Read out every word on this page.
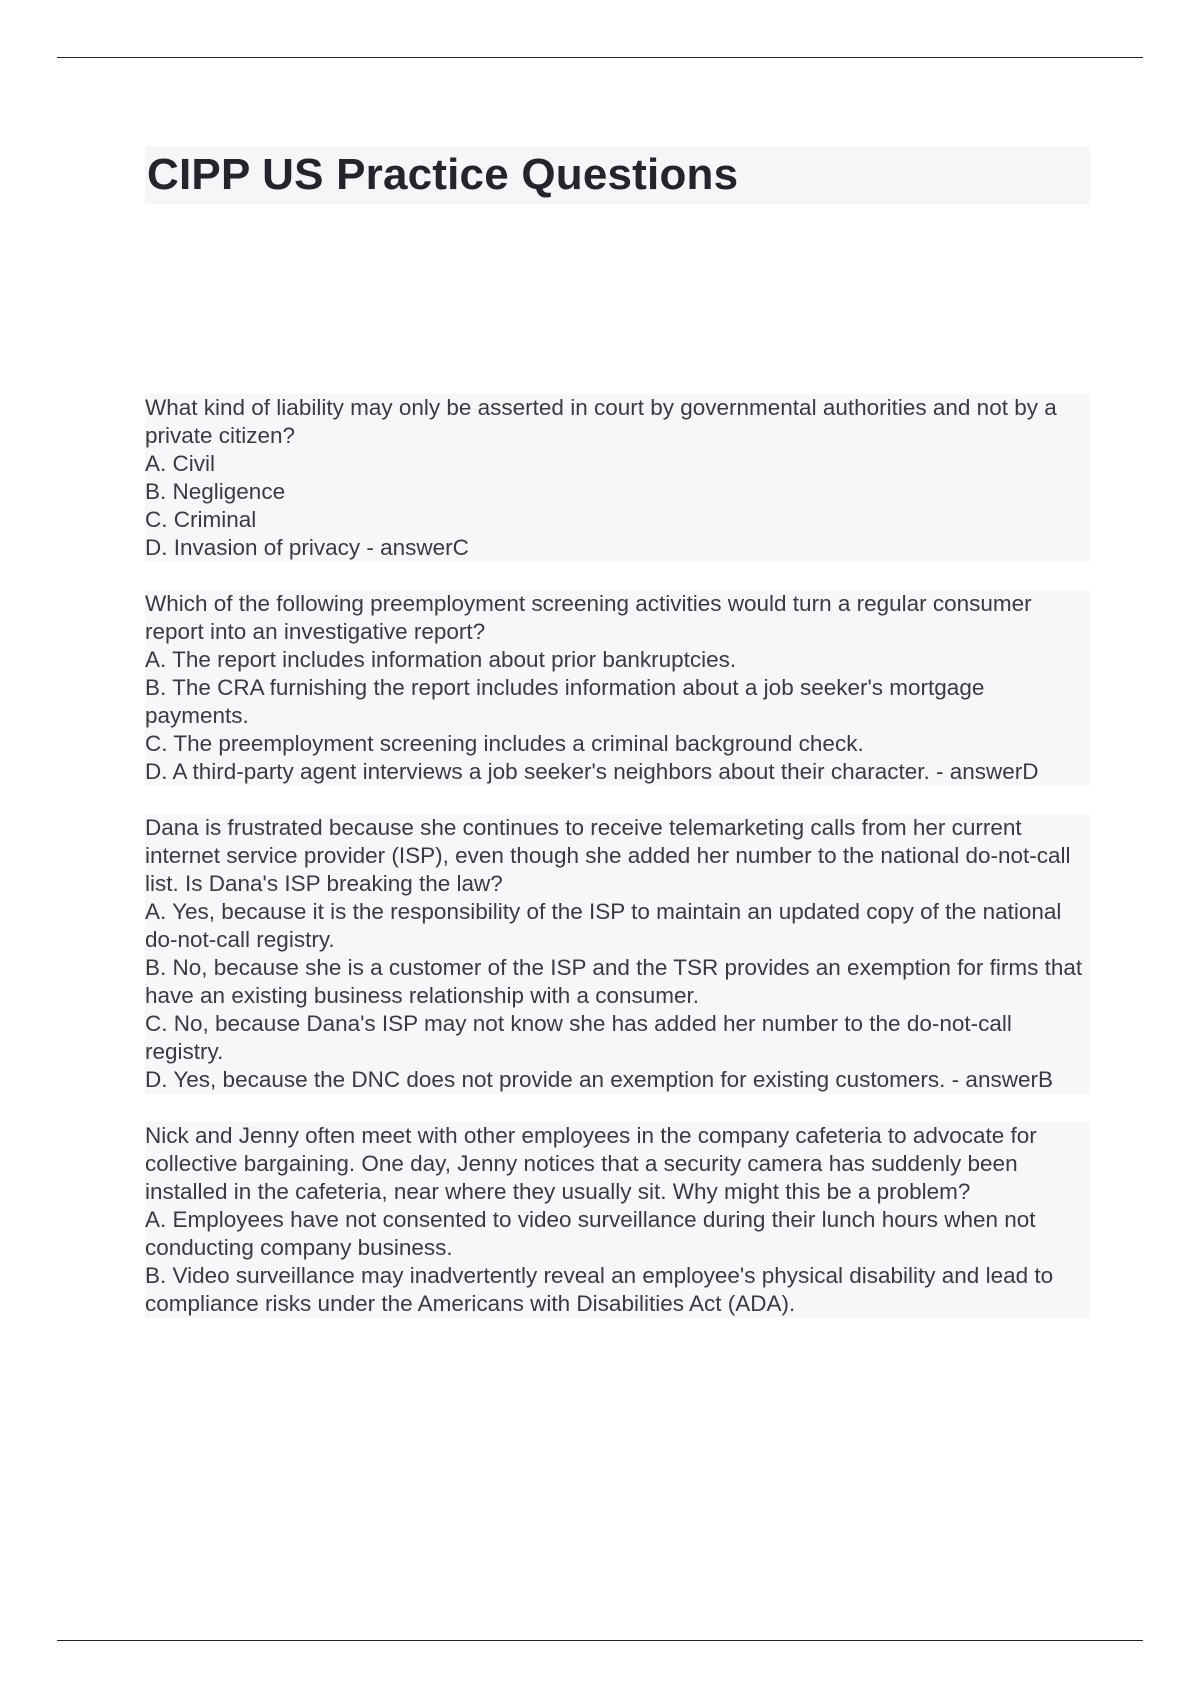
CIPP US Practice Questions
What kind of liability may only be asserted in court by governmental authorities and not by a private citizen?
A. Civil
B. Negligence
C. Criminal
D. Invasion of privacy - answerC
Which of the following preemployment screening activities would turn a regular consumer report into an investigative report?
A. The report includes information about prior bankruptcies.
B. The CRA furnishing the report includes information about a job seeker's mortgage payments.
C. The preemployment screening includes a criminal background check.
D. A third-party agent interviews a job seeker's neighbors about their character. - answerD
Dana is frustrated because she continues to receive telemarketing calls from her current internet service provider (ISP), even though she added her number to the national do-not-call list. Is Dana's ISP breaking the law?
A. Yes, because it is the responsibility of the ISP to maintain an updated copy of the national do-not-call registry.
B. No, because she is a customer of the ISP and the TSR provides an exemption for firms that have an existing business relationship with a consumer.
C. No, because Dana's ISP may not know she has added her number to the do-not-call registry.
D. Yes, because the DNC does not provide an exemption for existing customers. - answerB
Nick and Jenny often meet with other employees in the company cafeteria to advocate for collective bargaining. One day, Jenny notices that a security camera has suddenly been installed in the cafeteria, near where they usually sit. Why might this be a problem?
A. Employees have not consented to video surveillance during their lunch hours when not conducting company business.
B. Video surveillance may inadvertently reveal an employee's physical disability and lead to compliance risks under the Americans with Disabilities Act (ADA).
